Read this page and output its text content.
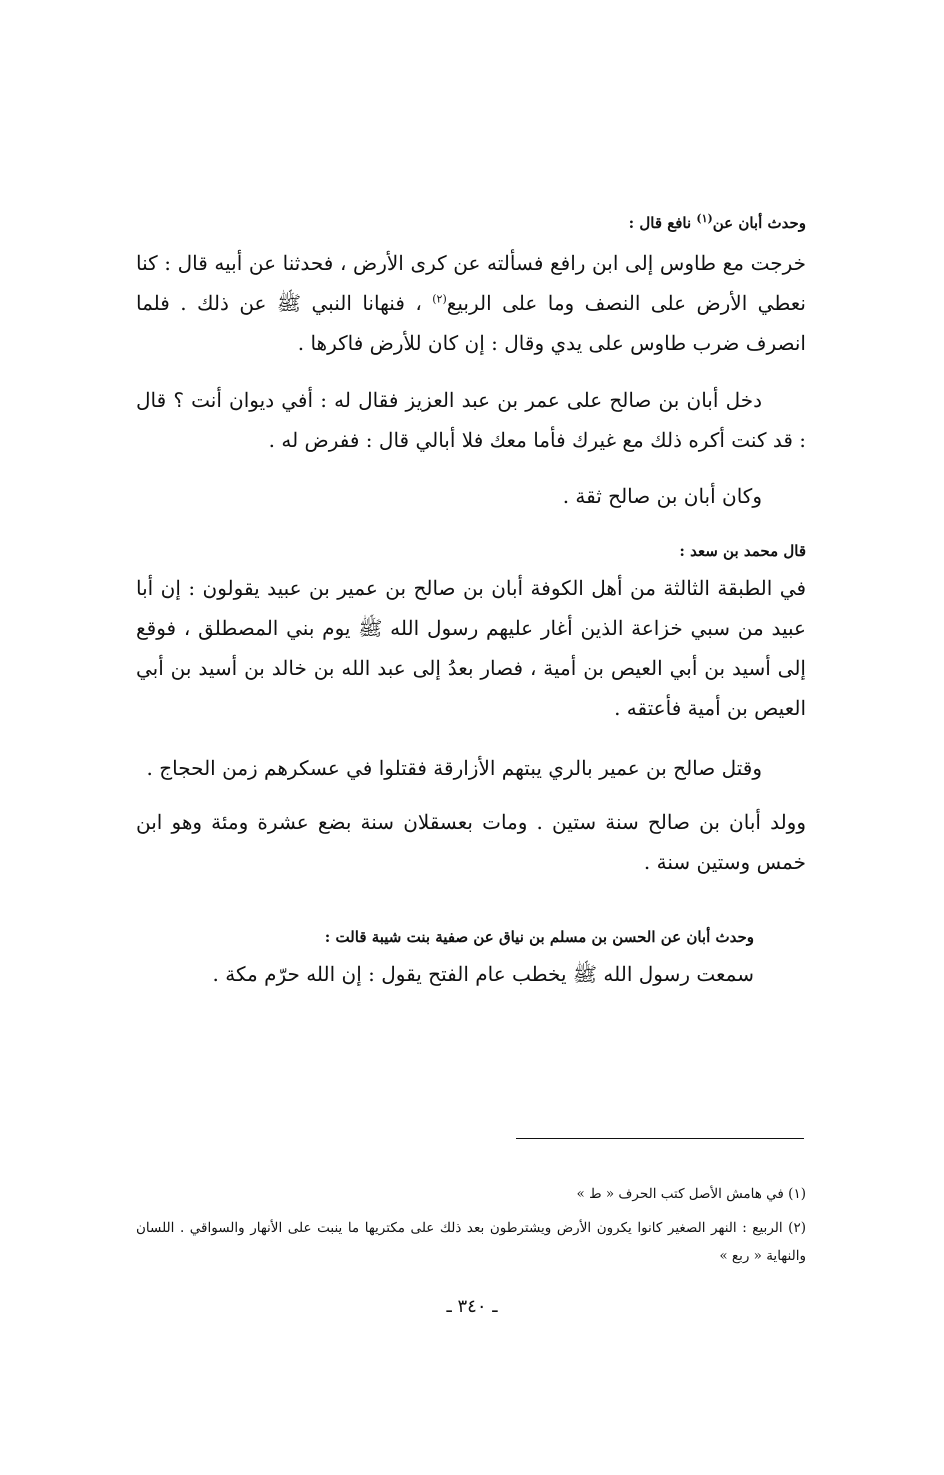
وحدث أبان عن$^{(١)}$ نافع قال :
خرجت مع طاوس إلى ابن رافع فسألته عن كرى الأرض ، فحدثنا عن أبيه قال : كنا نعطي الأرض على النصف وما على الربيع$^{(٢)}$ ، فنهانا النبي ﷺ عن ذلك . فلما انصرف ضرب طاوس على يدي وقال : إن كان للأرض فاكرها .
دخل أبان بن صالح على عمر بن عبد العزيز فقال له : أفي ديوان أنت ؟ قال : قد كنت أكره ذلك مع غيرك فأما معك فلا أبالي قال : ففرض له .
وكان أبان بن صالح ثقة .
قال محمد بن سعد :
في الطبقة الثالثة من أهل الكوفة أبان بن صالح بن عمير بن عبيد يقولون : إن أبا عبيد من سبي خزاعة الذين أغار عليهم رسول الله ﷺ يوم بني المصطلق ، فوقع إلى أسيد بن أبي العيص بن أمية ، فصار بعدُ إلى عبد الله بن خالد بن أسيد بن أبي العيص بن أمية فأعتقه .
وقتل صالح بن عمير بالري يبتهم الأزارقة فقتلوا في عسكرهم زمن الحجاج .
وولد أبان بن صالح سنة ستين . ومات بعسقلان سنة بضع عشرة ومئة وهو ابن خمس وستين سنة .
وحدث أبان عن الحسن بن مسلم بن نياق عن صفية بنت شيبة قالت :
سمعت رسول الله ﷺ يخطب عام الفتح يقول : إن الله حرّم مكة .
(١) في هامش الأصل كتب الحرف « ط »
(٢) الربيع : النهر الصغير كانوا يكرون الأرض ويشترطون بعد ذلك على مكتريها ما ينبت على الأنهار والسواقي . اللسان والنهاية « ربع »
ـ ٣٤٠ ـ
